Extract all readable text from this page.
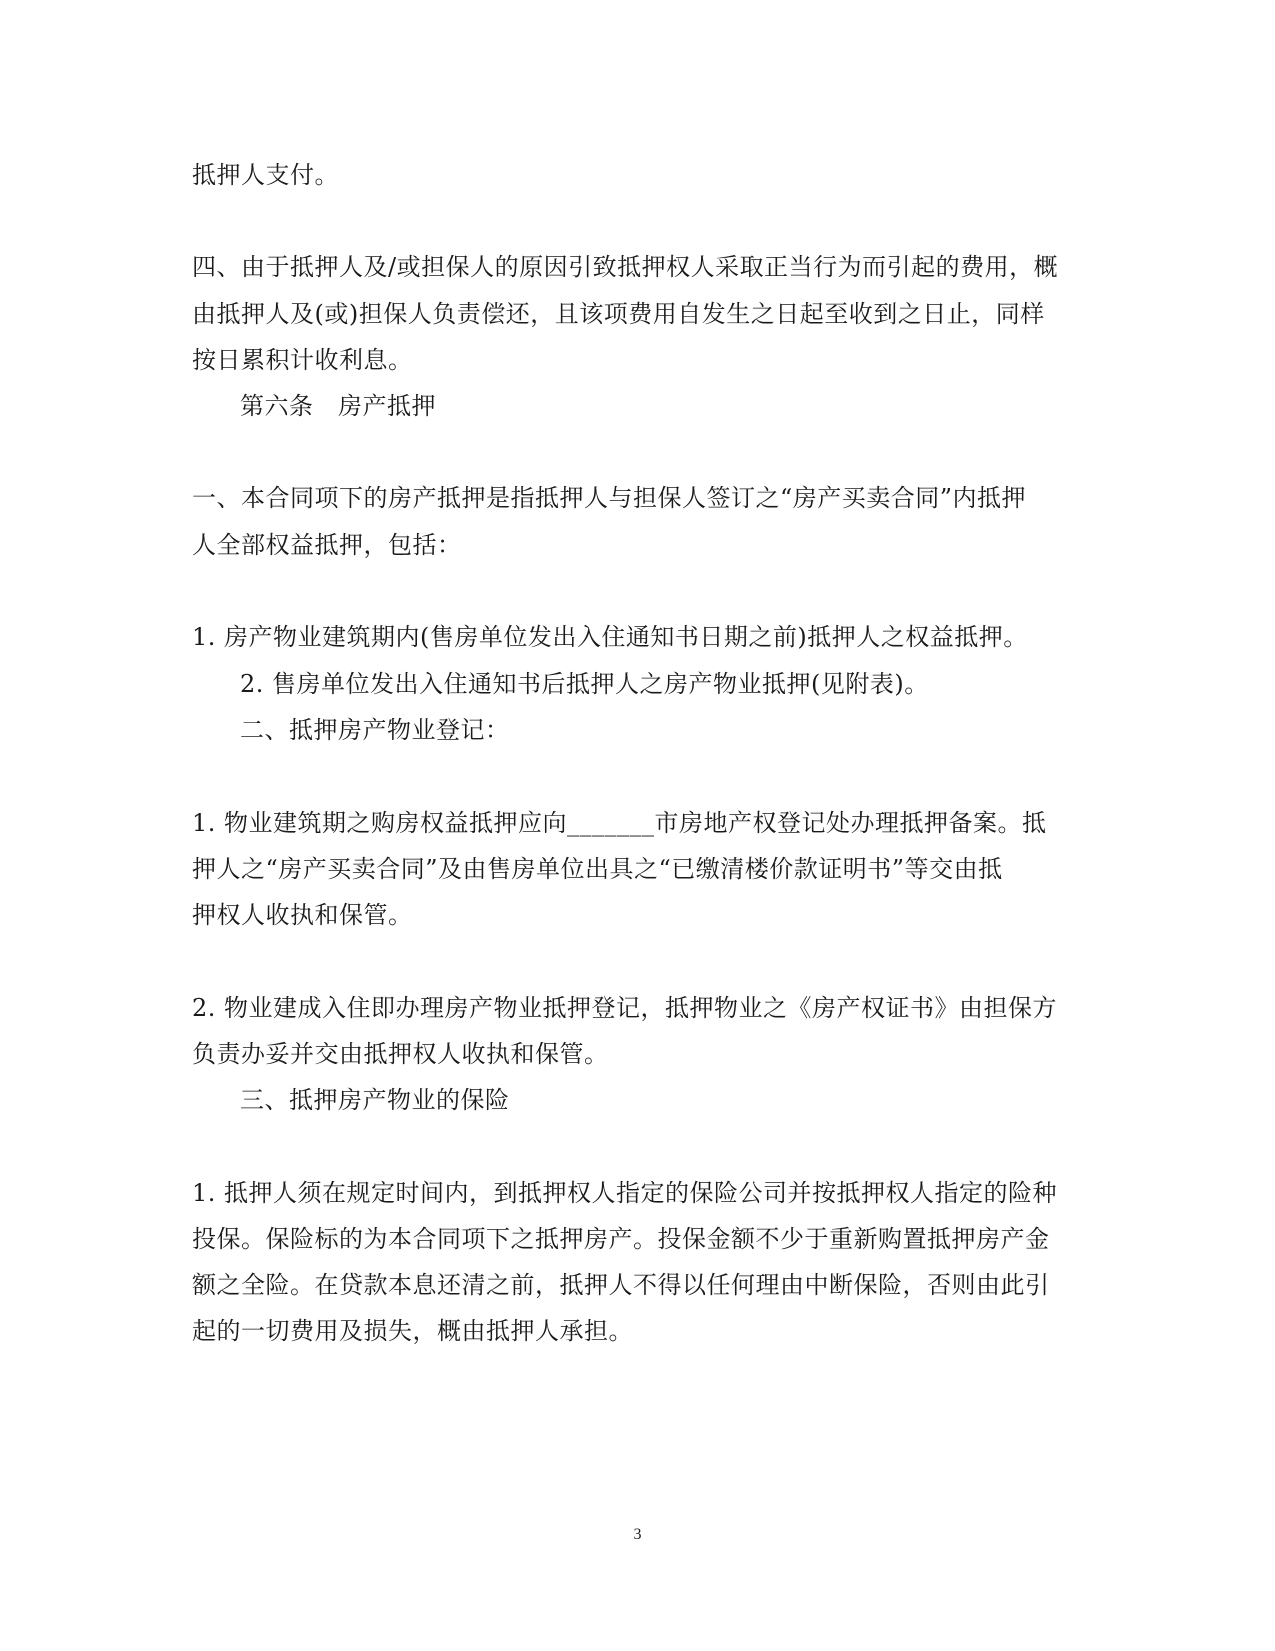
抵押人支付。
四、由于抵押人及/或担保人的原因引致抵押权人采取正当行为而引起的费用，概
由抵押人及(或)担保人负责偿还，且该项费用自发生之日起至收到之日止，同样
按日累积计收利息。
第六条　房产抵押
一、本合同项下的房产抵押是指抵押人与担保人签订之“房产买卖合同”内抵押
人全部权益抵押，包括：
1. 房产物业建筑期内(售房单位发出入住通知书日期之前)抵押人之权益抵押。
2. 售房单位发出入住通知书后抵押人之房产物业抵押(见附表)。
二、抵押房产物业登记：
1. 物业建筑期之购房权益抵押应向_______市房地产权登记处办理抵押备案。抵
押人之“房产买卖合同”及由售房单位出具之“已缴清楼价款证明书”等交由抵
押权人收执和保管。
2. 物业建成入住即办理房产物业抵押登记，抵押物业之《房产权证书》由担保方
负责办妥并交由抵押权人收执和保管。
三、抵押房产物业的保险
1. 抵押人须在规定时间内，到抵押权人指定的保险公司并按抵押权人指定的险种
投保。保险标的为本合同项下之抵押房产。投保金额不少于重新购置抵押房产金
额之全险。在贷款本息还清之前，抵押人不得以任何理由中断保险，否则由此引
起的一切费用及损失，概由抵押人承担。
3
